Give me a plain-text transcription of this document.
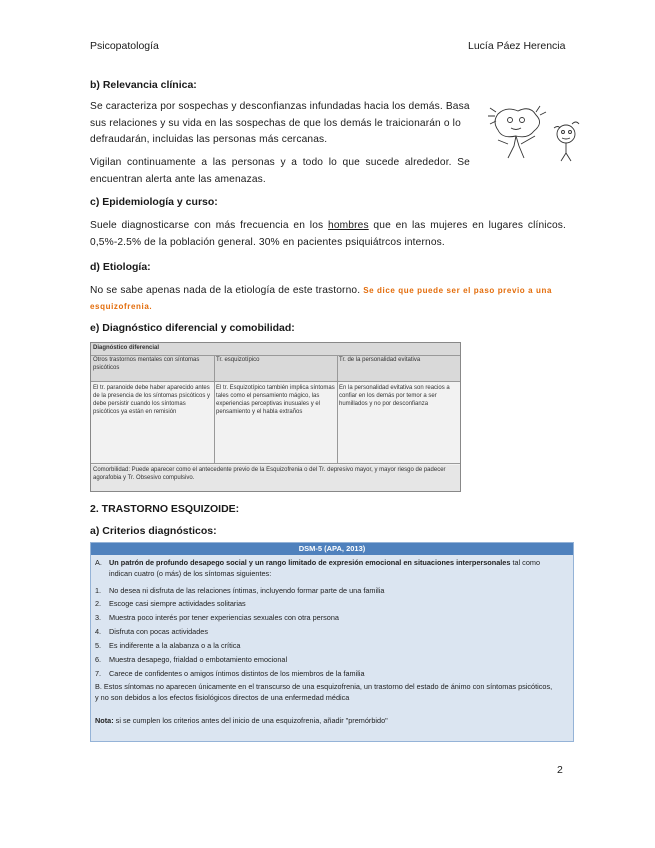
Psicopatología	Lucía Páez Herencia
b) Relevancia clínica:
Se caracteriza por sospechas y desconfianzas infundadas hacia los demás. Basa
sus relaciones y su vida en las sospechas de que los demás le traicionarán o lo
defraudarán, incluidas las personas más cercanas.
Vigilan continuamente a las personas y a todo lo que sucede alrededor. Se
encuentran alerta ante las amenazas.
c) Epidemiología y curso:
Suele diagnosticarse con más frecuencia en los hombres que en las mujeres en lugares clínicos.
0,5%-2.5% de la población general. 30% en pacientes psiquiátrcos internos.
d) Etiología:
No se sabe apenas nada de la etiología de este trastorno. Se dice que puede ser el paso previo a una
esquizofrenia.
e) Diagnóstico diferencial y comobilidad:
Diagnóstico diferencial
Otros trastornos mentales con síntomas psicóticos
Tr. esquizotípico	Tr. de la personalidad evitativa
El tr. paranoide debe haber aparecido antes de la presencia de los síntomas psicóticos y debe persistir cuando los síntomas psicóticos ya están en remisión
El tr. Esquizotípico también implica síntomas tales como el pensamiento mágico, las experiencias perceptivas inusuales y el pensamiento y el habla extraños
En la personalidad evitativa son reacios a confiar en los demás por temor a ser humillados y no por desconfianza
Comorbilidad: Puede aparecer como el antecedente previo de la Esquizofrenia o del Tr. depresivo mayor, y mayor riesgo de padecer agorafobia y Tr. Obsesivo compulsivo.
2. TRASTORNO ESQUIZOIDE:
a) Criterios diagnósticos:
DSM-5 (APA, 2013)
A. Un patrón de profundo desapego social y un rango limitado de expresión emocional en situaciones interpersonales tal como
indican cuatro (o más) de los síntomas siguientes:
1. No desea ni disfruta de las relaciones íntimas, incluyendo formar parte de una familia
2. Escoge casi siempre actividades solitarias
3. Muestra poco interés por tener experiencias sexuales con otra persona
4. Disfruta con pocas actividades
5. Es indiferente a la alabanza o a la crítica
6. Muestra desapego, frialdad o embotamiento emocional
7. Carece de confidentes o amigos íntimos distintos de los miembros de la familia
B. Estos síntomas no aparecen únicamente en el transcurso de una esquizofrenia, un trastorno del estado de ánimo con síntomas psicóticos,
y no son debidos a los efectos fisiológicos directos de una enfermedad médica
Nota: si se cumplen los criterios antes del inicio de una esquizofrenia, añadir "premórbido"
2
